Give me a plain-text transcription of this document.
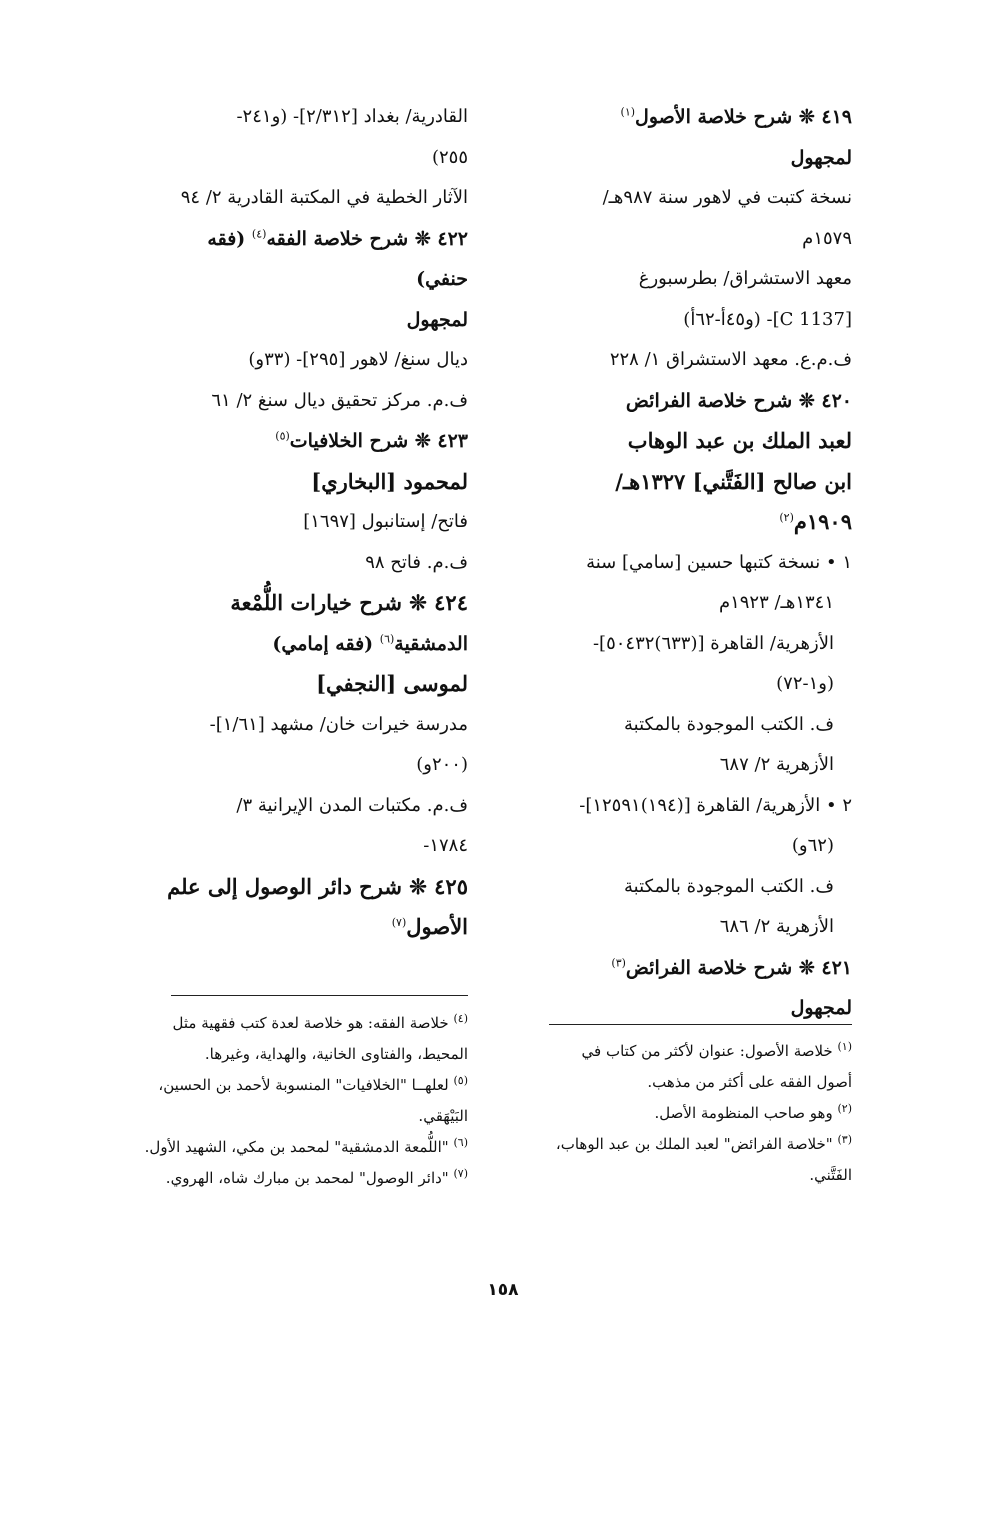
٤١٩ ❊ شرح خلاصة الأصول$^{(١)}$
لمجهول
نسخة كتبت في لاهور سنة ٩٨٧هـ/
١٥٧٩م
معهد الاستشراق/ بطرسبورغ
[C 1137]- (و٤٥أ-٦٢أ)
ف.م.ع. معهد الاستشراق ١/ ٢٢٨
٤٢٠ ❊ شرح خلاصة الفرائض
لعبد الملك بن عبد الوهاب
ابن صالح [الفَتَّني] ١٣٢٧هـ/
١٩٠٩م$^{(٢)}$
١ • نسخة كتبها حسين [سامي] سنة
١٣٤١هـ/ ١٩٢٣م
الأزهرية/ القاهرة [(٦٣٣)٥٠٤٣٢]-
(و١-٧٢)
ف. الكتب الموجودة بالمكتبة
الأزهرية ٢/ ٦٨٧
٢ • الأزهرية/ القاهرة [(١٩٤)١٢٥٩١]-
(٦٢و)
ف. الكتب الموجودة بالمكتبة
الأزهرية ٢/ ٦٨٦
٤٢١ ❊ شرح خلاصة الفرائض$^{(٣)}$
لمجهول
القادرية/ بغداد [٢/٣١٢]- (و٢٤١-
٢٥٥)
الآثار الخطية في المكتبة القادرية ٢/ ٩٤
٤٢٢ ❊ شرح خلاصة الفقه$^{(٤)}$ (فقه
حنفي)
لمجهول
ديال سنغ/ لاهور [٢٩٥]- (٣٣و)
ف.م. مركز تحقيق ديال سنغ ٢/ ٦١
٤٢٣ ❊ شرح الخلافيات$^{(٥)}$
لمحمود [البخاري]
فاتح/ إستانبول [١٦٩٧]
ف.م. فاتح ٩٨
٤٢٤ ❊ شرح خيارات اللُّمْعة
الدمشقية$^{(٦)}$ (فقه إمامي)
لموسى [النجفي]
مدرسة خيرات خان/ مشهد [١/٦١]-
(٢٠٠و)
ف.م. مكتبات المدن الإيرانية ٣/
١٧٨٤-
٤٢٥ ❊ شرح دائر الوصول إلى علم
الأصول$^{(٧)}$
$^{(١)}$ خلاصة الأصول: عنوان لأكثر من كتاب في
أصول الفقه على أكثر من مذهب.
$^{(٢)}$ وهو صاحب المنظومة الأصل.
$^{(٣)}$ "خلاصة الفرائض" لعبد الملك بن عبد الوهاب،
الفَتَّني.
$^{(٤)}$ خلاصة الفقه: هو خلاصة لعدة كتب فقهية مثل
المحيط، والفتاوى الخانية، والهداية، وغيرها.
$^{(٥)}$ لعلهــا "الخلافيات" المنسوبة لأحمد بن الحسين،
البَيْهَقي.
$^{(٦)}$ "اللُّمعة الدمشقية" لمحمد بن مكي، الشهيد الأول.
$^{(٧)}$ "دائر الوصول" لمحمد بن مبارك شاه، الهروي.
١٥٨
